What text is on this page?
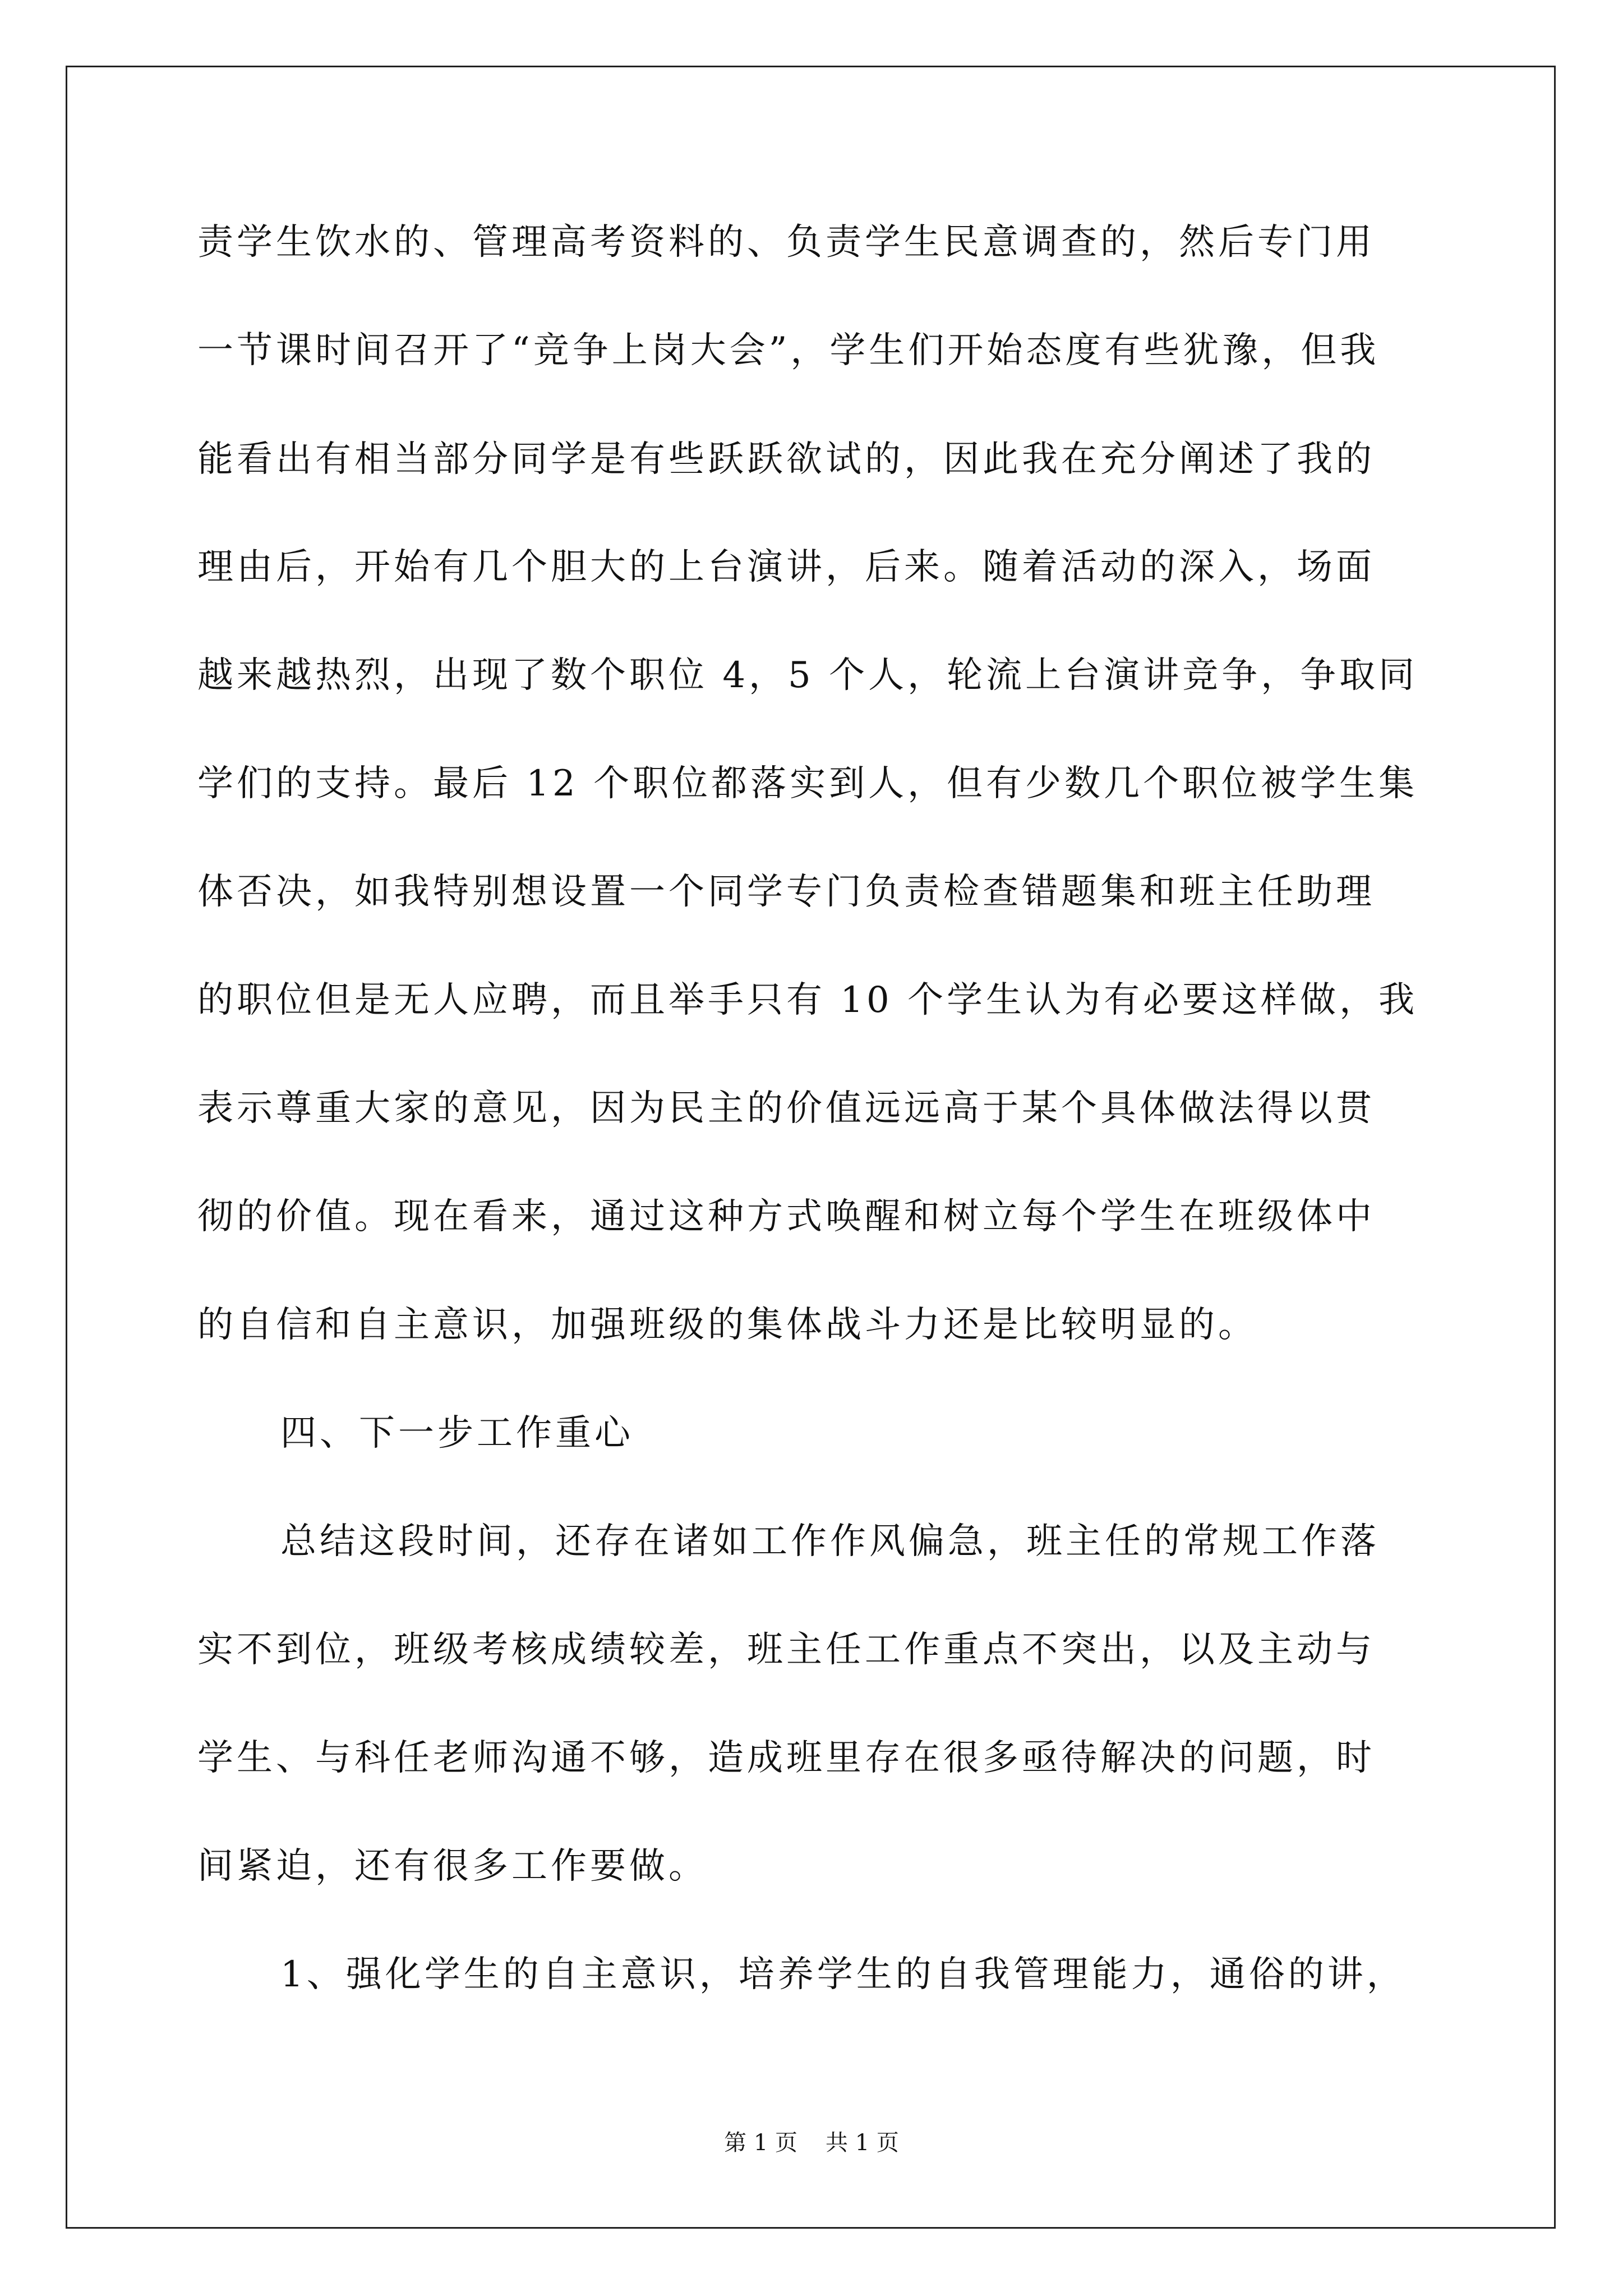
责学生饮水的、管理高考资料的、负责学生民意调查的，然后专门用
一节课时间召开了“竞争上岗大会”，学生们开始态度有些犹豫，但我
能看出有相当部分同学是有些跃跃欲试的，因此我在充分阐述了我的
理由后，开始有几个胆大的上台演讲，后来。随着活动的深入，场面
越来越热烈，出现了数个职位 4，5 个人，轮流上台演讲竞争，争取同
学们的支持。最后 12 个职位都落实到人，但有少数几个职位被学生集
体否决，如我特别想设置一个同学专门负责检查错题集和班主任助理
的职位但是无人应聘，而且举手只有 10 个学生认为有必要这样做，我
表示尊重大家的意见，因为民主的价值远远高于某个具体做法得以贯
彻的价值。现在看来，通过这种方式唤醒和树立每个学生在班级体中
的自信和自主意识，加强班级的集体战斗力还是比较明显的。
四、下一步工作重心
总结这段时间，还存在诸如工作作风偏急，班主任的常规工作落
实不到位，班级考核成绩较差，班主任工作重点不突出，以及主动与
学生、与科任老师沟通不够，造成班里存在很多亟待解决的问题，时
间紧迫，还有很多工作要做。
1、强化学生的自主意识，培养学生的自我管理能力，通俗的讲，
第 1 页 共 1 页
